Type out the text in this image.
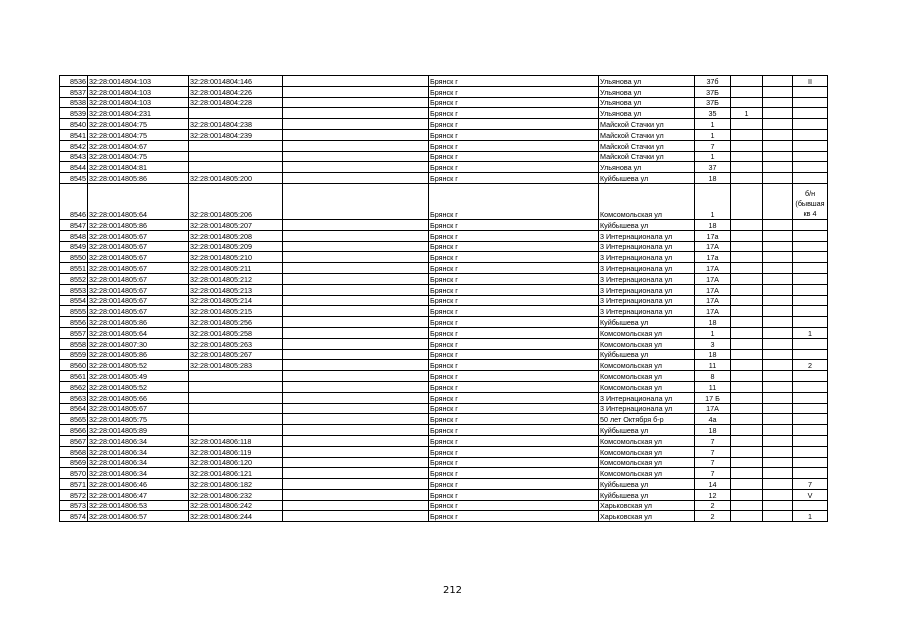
8536	32:28:0014804:103	32:28:0014804:146		Брянск г	Ульянова ул	37б			II
8537	32:28:0014804:103	32:28:0014804:226		Брянск г	Ульянова ул	37Б			
8538	32:28:0014804:103	32:28:0014804:228		Брянск г	Ульянова ул	37Б			
8539	32:28:0014804:231			Брянск г	Ульянова ул	35	1		
8540	32:28:0014804:75	32:28:0014804:238		Брянск г	Майской Стачки ул	1			
8541	32:28:0014804:75	32:28:0014804:239		Брянск г	Майской Стачки ул	1			
8542	32:28:0014804:67			Брянск г	Майской Стачки ул	7			
8543	32:28:0014804:75			Брянск г	Майской Стачки ул	1			
8544	32:28:0014804:81			Брянск г	Ульянова ул	37			
8545	32:28:0014805:86	32:28:0014805:200		Брянск г	Куйбышева ул	18			
8546	32:28:0014805:64	32:28:0014805:206		Брянск г	Комсомольская ул	1			б/н (бывшая кв 4
8547	32:28:0014805:86	32:28:0014805:207		Брянск г	Куйбышева ул	18			
8548	32:28:0014805:67	32:28:0014805:208		Брянск г	3 Интернационала ул	17а			
8549	32:28:0014805:67	32:28:0014805:209		Брянск г	3 Интернационала ул	17А			
8550	32:28:0014805:67	32:28:0014805:210		Брянск г	3 Интернационала ул	17а			
8551	32:28:0014805:67	32:28:0014805:211		Брянск г	3 Интернационала ул	17А			
8552	32:28:0014805:67	32:28:0014805:212		Брянск г	3 Интернационала ул	17А			
8553	32:28:0014805:67	32:28:0014805:213		Брянск г	3 Интернационала ул	17А			
8554	32:28:0014805:67	32:28:0014805:214		Брянск г	3 Интернационала ул	17А			
8555	32:28:0014805:67	32:28:0014805:215		Брянск г	3 Интернационала ул	17А			
8556	32:28:0014805:86	32:28:0014805:256		Брянск г	Куйбышева ул	18			
8557	32:28:0014805:64	32:28:0014805:258		Брянск г	Комсомольская ул	1			1
8558	32:28:0014807:30	32:28:0014805:263		Брянск г	Комсомольская ул	3			
8559	32:28:0014805:86	32:28:0014805:267		Брянск г	Куйбышева ул	18			
8560	32:28:0014805:52	32:28:0014805:283		Брянск г	Комсомольская ул	11			2
8561	32:28:0014805:49			Брянск г	Комсомольская ул	8			
8562	32:28:0014805:52			Брянск г	Комсомольская ул	11			
8563	32:28:0014805:66			Брянск г	3 Интернационала ул	17 Б			
8564	32:28:0014805:67			Брянск г	3 Интернационала ул	17А			
8565	32:28:0014805:75			Брянск г	50 лет Октября б-р	4а			
8566	32:28:0014805:89			Брянск г	Куйбышева ул	18			
8567	32:28:0014806:34	32:28:0014806:118		Брянск г	Комсомольская ул	7			
8568	32:28:0014806:34	32:28:0014806:119		Брянск г	Комсомольская ул	7			
8569	32:28:0014806:34	32:28:0014806:120		Брянск г	Комсомольская ул	7			
8570	32:28:0014806:34	32:28:0014806:121		Брянск г	Комсомольская ул	7			
8571	32:28:0014806:46	32:28:0014806:182		Брянск г	Куйбышева ул	14			7
8572	32:28:0014806:47	32:28:0014806:232		Брянск г	Куйбышева ул	12			V
8573	32:28:0014806:53	32:28:0014806:242		Брянск г	Харьковская ул	2			
8574	32:28:0014806:57	32:28:0014806:244		Брянск г	Харьковская ул	2			1
212
